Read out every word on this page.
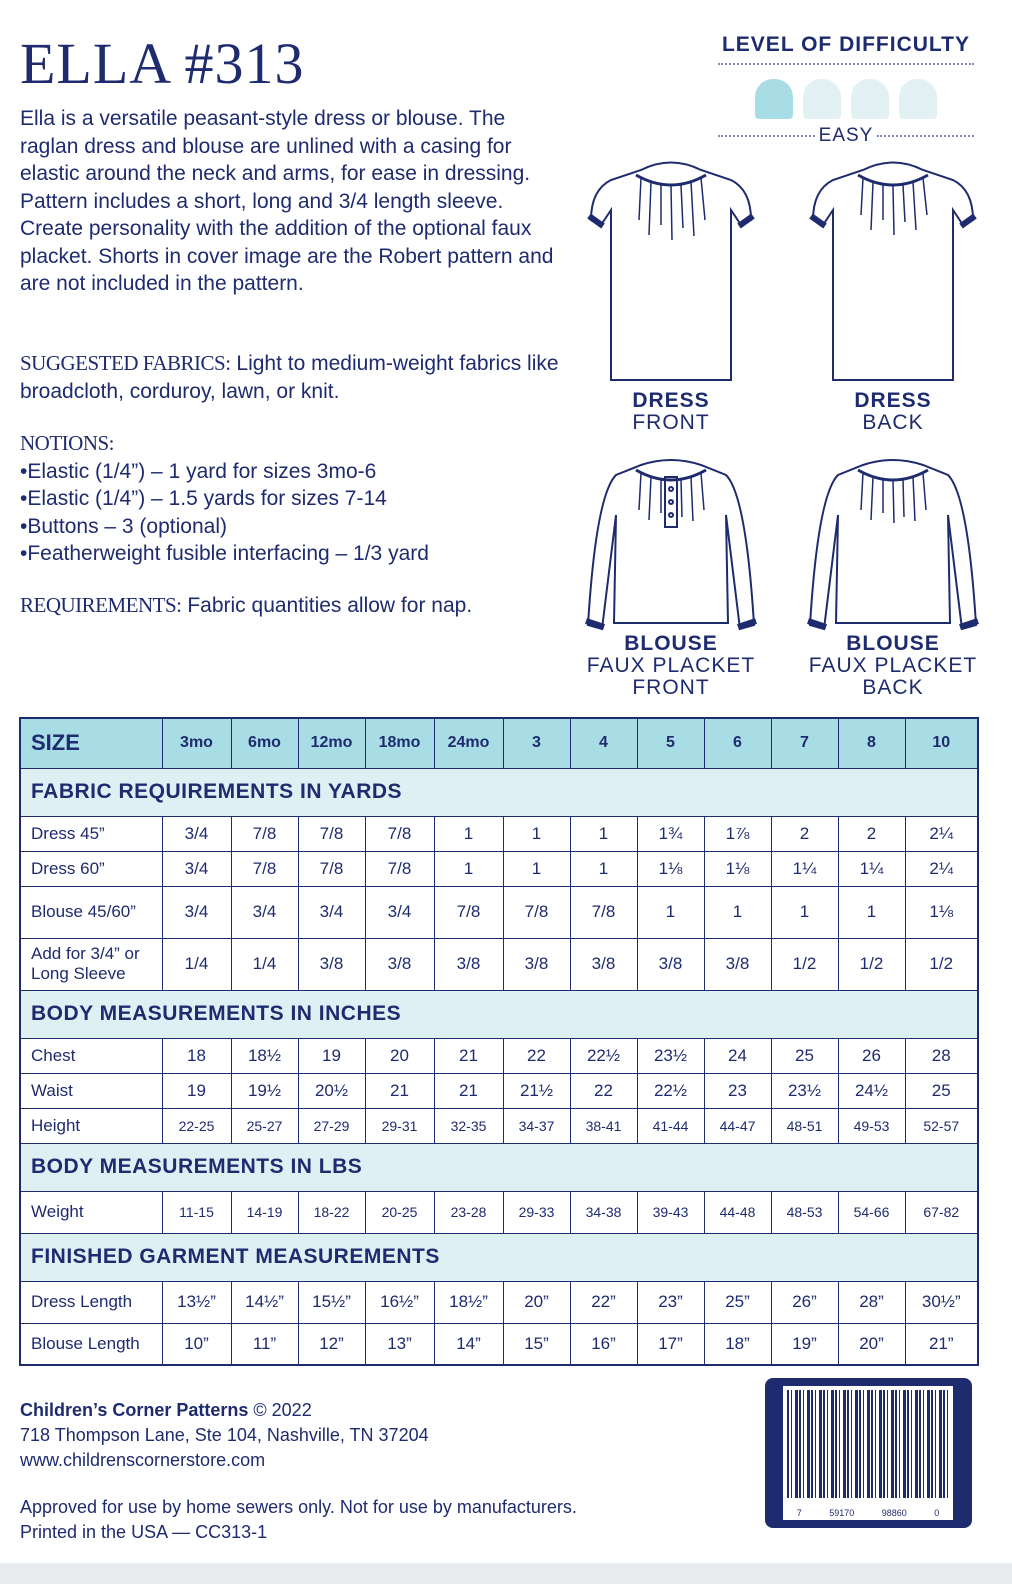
ELLA #313
Ella is a versatile peasant-style dress or blouse. The raglan dress and blouse are unlined with a casing for elastic around the neck and arms, for ease in dressing. Pattern includes a short, long and 3/4 length sleeve. Create personality with the addition of the optional faux placket. Shorts in cover image are the Robert pattern and are not included in the pattern.
SUGGESTED FABRICS: Light to medium-weight fabrics like broadcloth, corduroy, lawn, or knit.
NOTIONS:
• Elastic (1/4”) – 1 yard for sizes 3mo-6
• Elastic (1/4”) – 1.5 yards for sizes 7-14
• Buttons – 3 (optional)
• Featherweight fusible interfacing – 1/3 yard
REQUIREMENTS: Fabric quantities allow for nap.
LEVEL OF DIFFICULTY
EASY
DRESS
FRONT
DRESS
BACK
BLOUSE
FAUX PLACKET
FRONT
BLOUSE
FAUX PLACKET
BACK
SIZE	3mo	6mo	12mo	18mo	24mo	3	4	5	6	7	8	10
FABRIC REQUIREMENTS IN YARDS												
Dress 45”	3/4	7/8	7/8	7/8	1	1	1	1¾	1⅞	2	2	2¼
Dress 60”	3/4	7/8	7/8	7/8	1	1	1	1⅛	1⅛	1¼	1¼	2¼
Blouse 45/60”	3/4	3/4	3/4	3/4	7/8	7/8	7/8	1	1	1	1	1⅛
Add for 3/4” or Long Sleeve	1/4	1/4	3/8	3/8	3/8	3/8	3/8	3/8	3/8	1/2	1/2	1/2
BODY MEASUREMENTS IN INCHES												
Chest	18	18½	19	20	21	22	22½	23½	24	25	26	28
Waist	19	19½	20½	21	21	21½	22	22½	23	23½	24½	25
Height	22-25	25-27	27-29	29-31	32-35	34-37	38-41	41-44	44-47	48-51	49-53	52-57
BODY MEASUREMENTS IN LBS												
Weight	11-15	14-19	18-22	20-25	23-28	29-33	34-38	39-43	44-48	48-53	54-66	67-82
FINISHED GARMENT MEASUREMENTS												
Dress Length	13½”	14½”	15½”	16½”	18½”	20”	22”	23”	25”	26”	28”	30½”
Blouse Length	10”	11”	12”	13”	14”	15”	16”	17”	18”	19”	20”	21”
Children’s Corner Patterns © 2022
718 Thompson Lane, Ste 104, Nashville, TN 37204
www.childrenscornerstore.com
Approved for use by home sewers only. Not for use by manufacturers.
Printed in the USA — CC313-1
7	59170	98860	0
